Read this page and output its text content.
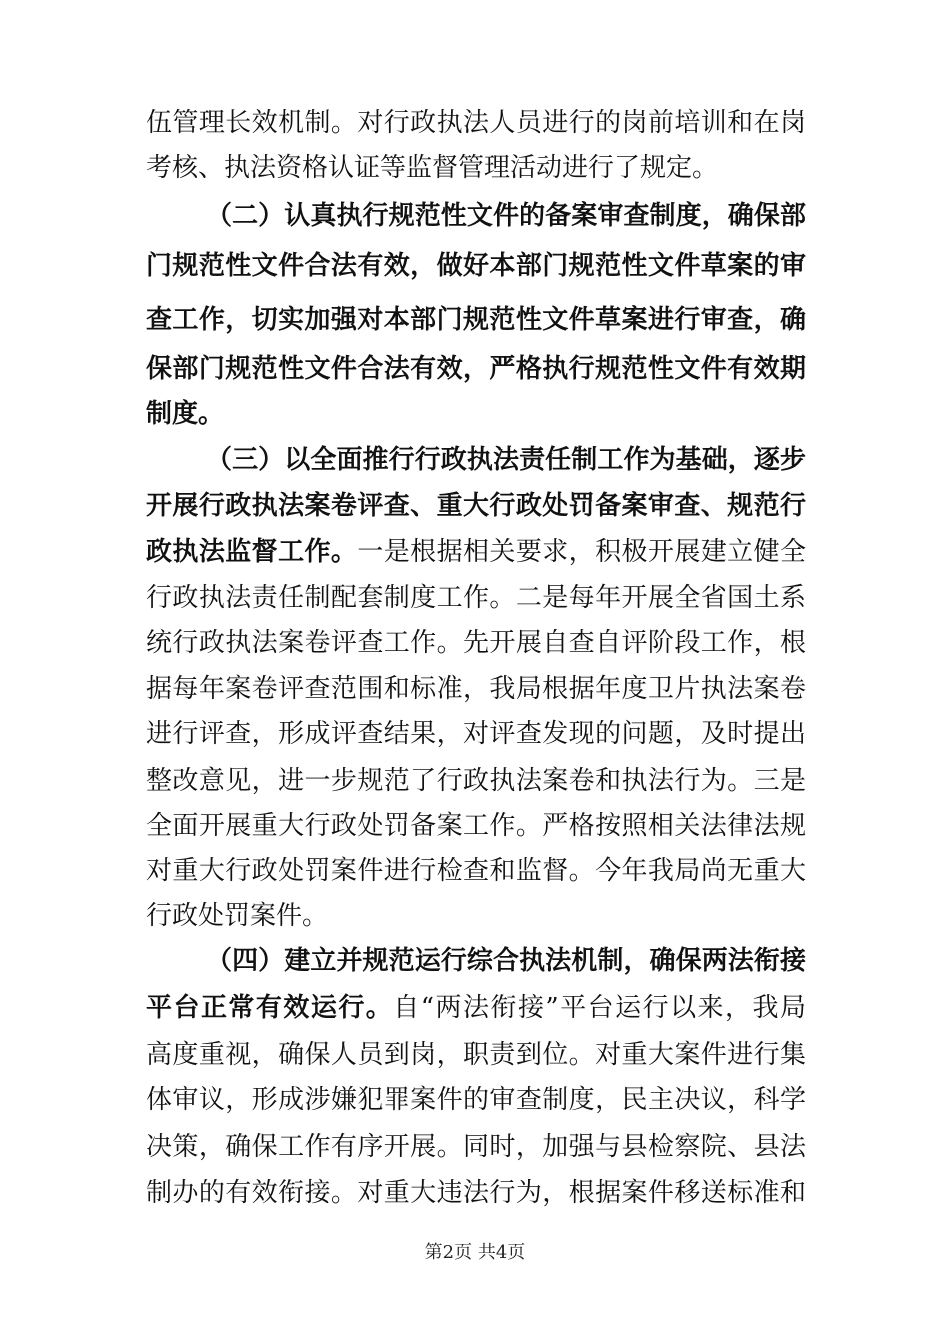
伍管理长效机制。对行政执法人员进行的岗前培训和在岗
考核、执法资格认证等监督管理活动进行了规定。
（二）认真执行规范性文件的备案审查制度，确保部
门规范性文件合法有效，做好本部门规范性文件草案的审
查工作，切实加强对本部门规范性文件草案进行审查，确
保部门规范性文件合法有效，严格执行规范性文件有效期
制度。
（三）以全面推行行政执法责任制工作为基础，逐步
开展行政执法案卷评查、重大行政处罚备案审查、规范行
政执法监督工作。一是根据相关要求，积极开展建立健全
行政执法责任制配套制度工作。二是每年开展全省国土系
统行政执法案卷评查工作。先开展自查自评阶段工作，根
据每年案卷评查范围和标准，我局根据年度卫片执法案卷
进行评查，形成评查结果，对评查发现的问题，及时提出
整改意见，进一步规范了行政执法案卷和执法行为。三是
全面开展重大行政处罚备案工作。严格按照相关法律法规
对重大行政处罚案件进行检查和监督。今年我局尚无重大
行政处罚案件。
（四）建立并规范运行综合执法机制，确保两法衔接
平台正常有效运行。自“两法衔接”平台运行以来，我局
高度重视，确保人员到岗，职责到位。对重大案件进行集
体审议，形成涉嫌犯罪案件的审查制度，民主决议，科学
决策，确保工作有序开展。同时，加强与县检察院、县法
制办的有效衔接。对重大违法行为，根据案件移送标准和
第2页 共4页
